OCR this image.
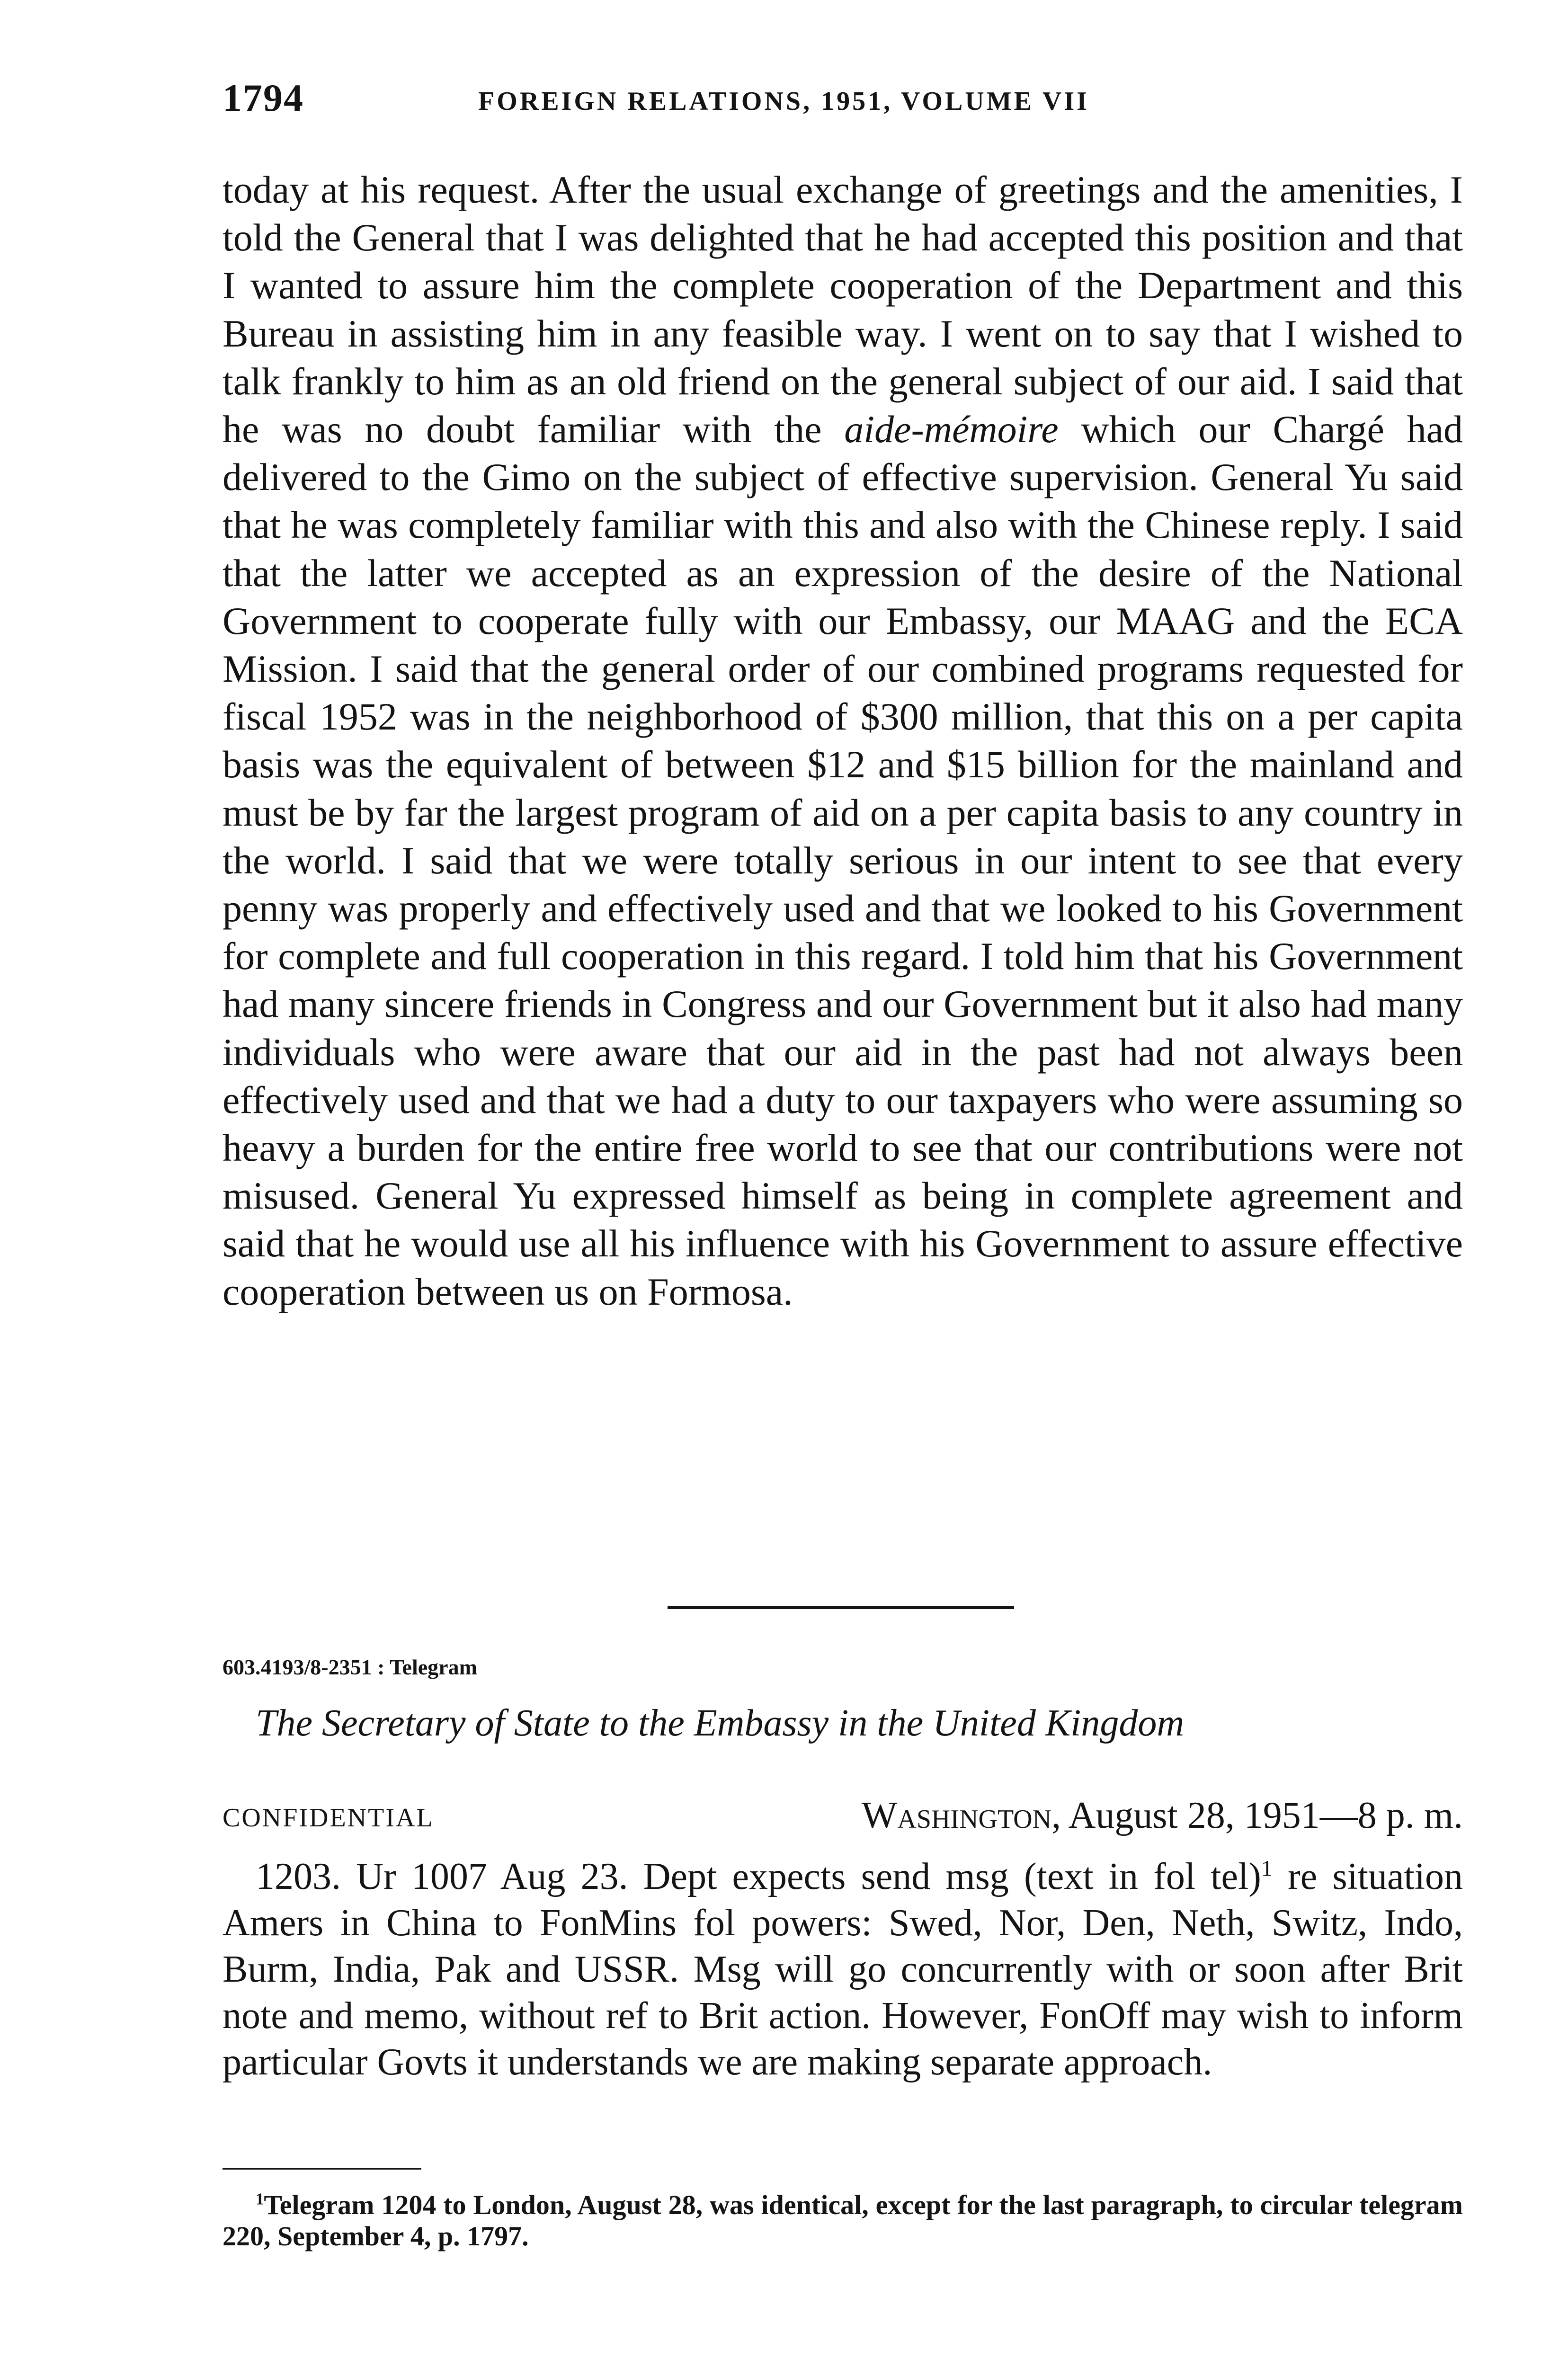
1794	FOREIGN RELATIONS, 1951, VOLUME VII

today at his request. After the usual exchange of greetings and the amenities, I told the General that I was delighted that he had accepted this position and that I wanted to assure him the complete cooperation of the Department and this Bureau in assisting him in any feasible way. I went on to say that I wished to talk frankly to him as an old friend on the general subject of our aid. I said that he was no doubt familiar with the aide-mémoire which our Chargé had delivered to the Gimo on the subject of effective supervision. General Yu said that he was completely familiar with this and also with the Chinese reply. I said that the latter we accepted as an expression of the desire of the National Government to cooperate fully with our Embassy, our MAAG and the ECA Mission. I said that the general order of our combined programs requested for fiscal 1952 was in the neighborhood of $300 million, that this on a per capita basis was the equivalent of between $12 and $15 billion for the mainland and must be by far the largest program of aid on a per capita basis to any country in the world. I said that we were totally serious in our intent to see that every penny was properly and effectively used and that we looked to his Government for complete and full cooperation in this regard. I told him that his Government had many sincere friends in Congress and our Government but it also had many individuals who were aware that our aid in the past had not always been effectively used and that we had a duty to our taxpayers who were assuming so heavy a burden for the entire free world to see that our contributions were not misused. General Yu expressed himself as being in complete agreement and said that he would use all his influence with his Government to assure effective cooperation between us on Formosa.

603.4193/8-2351 : Telegram
The Secretary of State to the Embassy in the United Kingdom
CONFIDENTIAL	Washington, August 28, 1951—8 p. m.

1203. Ur 1007 Aug 23. Dept expects send msg (text in fol tel)$^1$ re situation Amers in China to FonMins fol powers: Swed, Nor, Den, Neth, Switz, Indo, Burm, India, Pak and USSR. Msg will go concurrently with or soon after Brit note and memo, without ref to Brit action. However, FonOff may wish to inform particular Govts it understands we are making separate approach.

$^1$Telegram 1204 to London, August 28, was identical, except for the last paragraph, to circular telegram 220, September 4, p. 1797.
